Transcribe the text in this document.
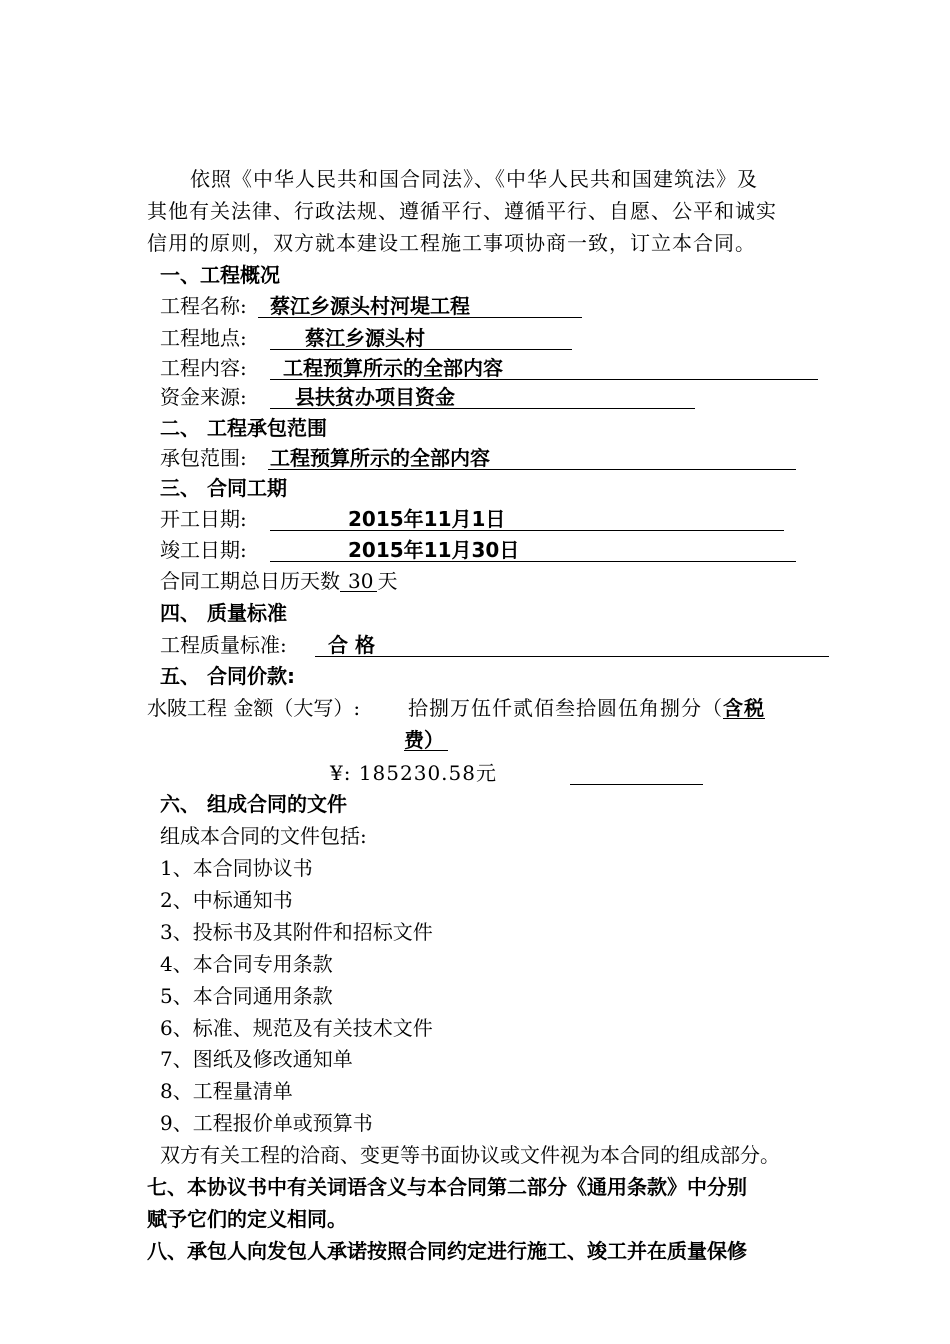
依照《中华人民共和国合同法》、《中华人民共和国建筑法》及
其他有关法律、行政法规、遵循平行、遵循平行、自愿、公平和诚实
信用的原则，双方就本建设工程施工事项协商一致，订立本合同。
一、工程概况
工程名称: 蔡江乡源头村河堤工程
工程地点:	蔡江乡源头村
工程内容: 工程预算所示的全部内容
资金来源: 县扶贫办项目资金
二、 工程承包范围
承包范围: 工程预算所示的全部内容
三、 合同工期
开工日期:	2015年11月1日
竣工日期:	2015年11月30日
合同工期总日历天数 30 天
四、 质量标准
工程质量标准: 合 格
五、 合同价款:
水陂工程 金额（大写）: 拾捌万伍仟贰佰叁拾圆伍角捌分（含税
费）
¥: 185230.58元
六、 组成合同的文件
组成本合同的文件包括:
1、本合同协议书
2、中标通知书
3、投标书及其附件和招标文件
4、本合同专用条款
5、本合同通用条款
6、标准、规范及有关技术文件
7、图纸及修改通知单
8、工程量清单
9、工程报价单或预算书
双方有关工程的洽商、变更等书面协议或文件视为本合同的组成部分。
七、本协议书中有关词语含义与本合同第二部分《通用条款》中分别
赋予它们的定义相同。
八、承包人向发包人承诺按照合同约定进行施工、竣工并在质量保修
